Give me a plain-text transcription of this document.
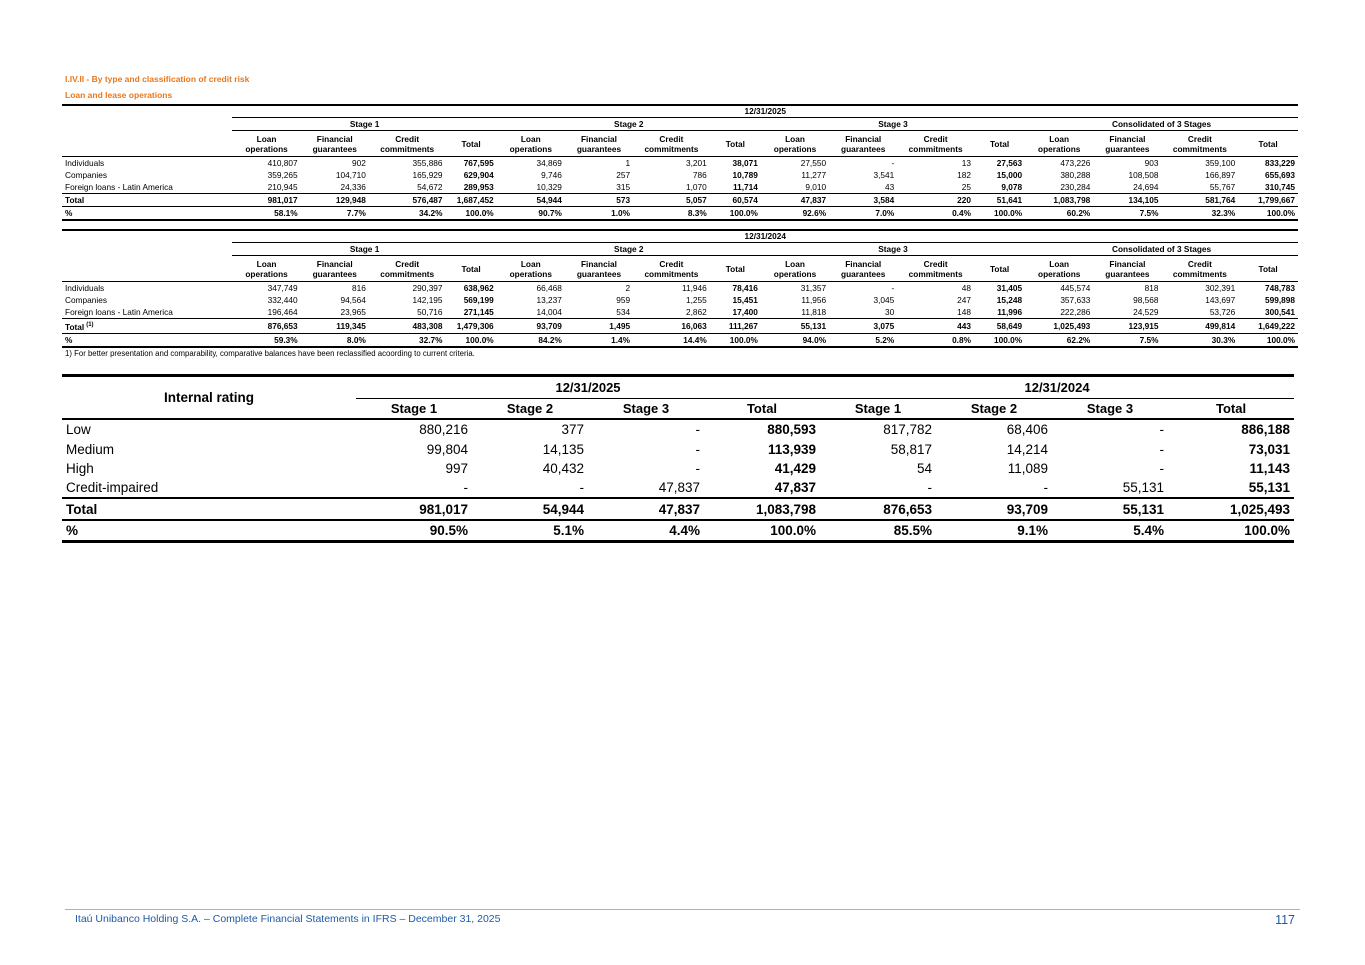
I.IV.II - By type and classification of credit risk
Loan and lease operations
	12/31/2025															
	Stage 1				Stage 2				Stage 3				Consolidated of 3 Stages			
	Loan operations	Financial guarantees	Credit commitments	Total	Loan operations	Financial guarantees	Credit commitments	Total	Loan operations	Financial guarantees	Credit commitments	Total	Loan operations	Financial guarantees	Credit commitments	Total
Individuals	410,807	902	355,886	767,595	34,869	1	3,201	38,071	27,550	-	13	27,563	473,226	903	359,100	833,229
Companies	359,265	104,710	165,929	629,904	9,746	257	786	10,789	11,277	3,541	182	15,000	380,288	108,508	166,897	655,693
Foreign loans - Latin America	210,945	24,336	54,672	289,953	10,329	315	1,070	11,714	9,010	43	25	9,078	230,284	24,694	55,767	310,745
Total	981,017	129,948	576,487	1,687,452	54,944	573	5,057	60,574	47,837	3,584	220	51,641	1,083,798	134,105	581,764	1,799,667
%	58.1%	7.7%	34.2%	100.0%	90.7%	1.0%	8.3%	100.0%	92.6%	7.0%	0.4%	100.0%	60.2%	7.5%	32.3%	100.0%
	12/31/2024															
	Stage 1				Stage 2				Stage 3				Consolidated of 3 Stages			
	Loan operations	Financial guarantees	Credit commitments	Total	Loan operations	Financial guarantees	Credit commitments	Total	Loan operations	Financial guarantees	Credit commitments	Total	Loan operations	Financial guarantees	Credit commitments	Total
Individuals	347,749	816	290,397	638,962	66,468	2	11,946	78,416	31,357	-	48	31,405	445,574	818	302,391	748,783
Companies	332,440	94,564	142,195	569,199	13,237	959	1,255	15,451	11,956	3,045	247	15,248	357,633	98,568	143,697	599,898
Foreign loans - Latin America	196,464	23,965	50,716	271,145	14,004	534	2,862	17,400	11,818	30	148	11,996	222,286	24,529	53,726	300,541
Total $^{(1)}$	876,653	119,345	483,308	1,479,306	93,709	1,495	16,063	111,267	55,131	3,075	443	58,649	1,025,493	123,915	499,814	1,649,222
%	59.3%	8.0%	32.7%	100.0%	84.2%	1.4%	14.4%	100.0%	94.0%	5.2%	0.8%	100.0%	62.2%	7.5%	30.3%	100.0%
1) For better presentation and comparability, comparative balances have been reclassified acoording to current criteria.
Internal rating	12/31/2025				12/31/2024			
	Stage 1	Stage 2	Stage 3	Total	Stage 1	Stage 2	Stage 3	Total
Low	880,216	377	-	880,593	817,782	68,406	-	886,188
Medium	99,804	14,135	-	113,939	58,817	14,214	-	73,031
High	997	40,432	-	41,429	54	11,089	-	11,143
Credit-impaired	-	-	47,837	47,837	-	-	55,131	55,131
Total	981,017	54,944	47,837	1,083,798	876,653	93,709	55,131	1,025,493
%	90.5%	5.1%	4.4%	100.0%	85.5%	9.1%	5.4%	100.0%
Itaú Unibanco Holding S.A. – Complete Financial Statements in IFRS – December 31, 2025	117
